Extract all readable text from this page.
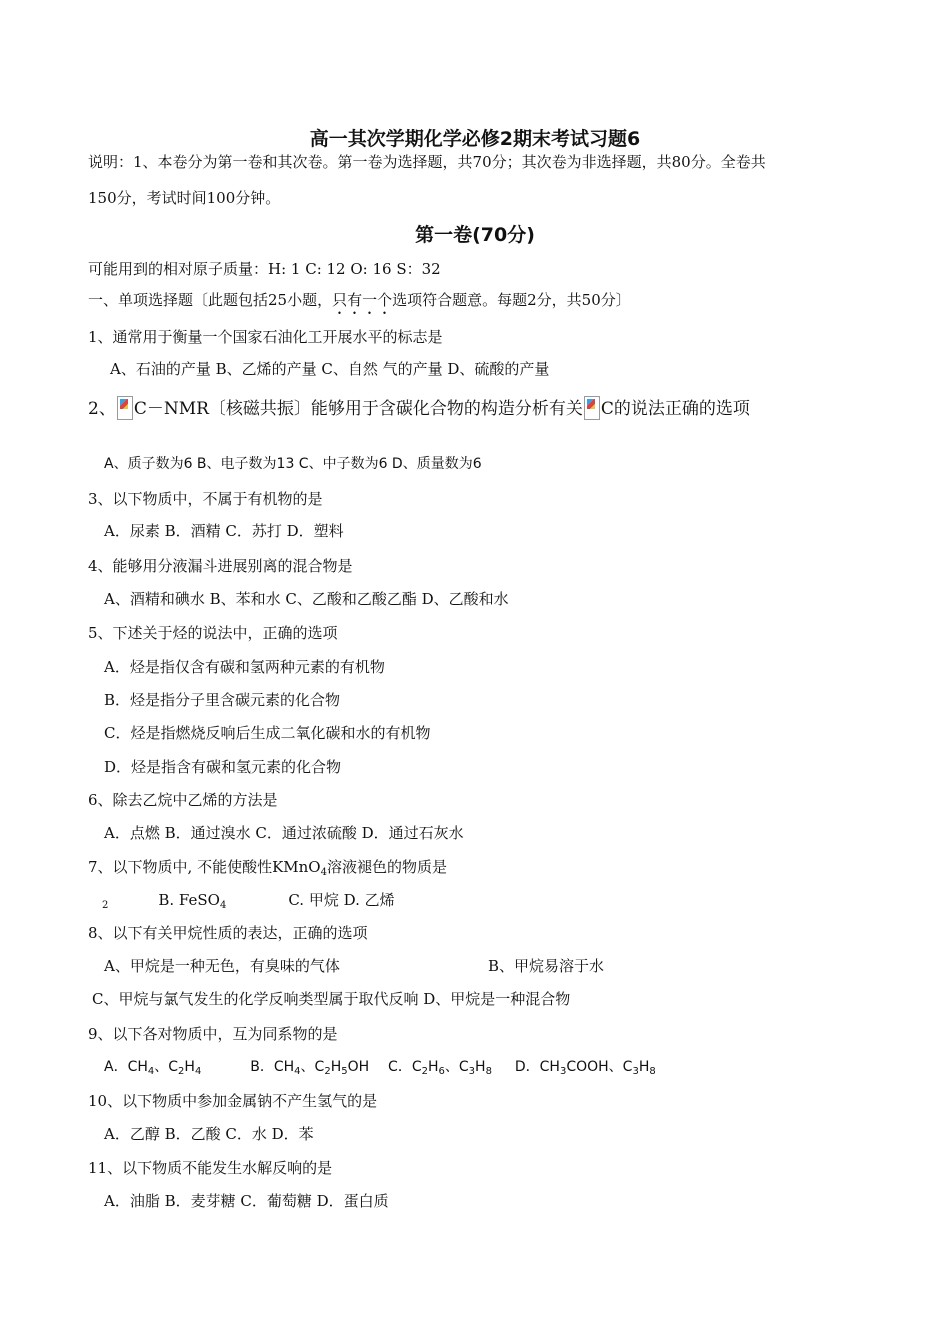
高一其次学期化学必修2期末考试习题6
说明：1、本卷分为第一卷和其次卷。第一卷为选择题，共70分；其次卷为非选择题，共80分。全卷共
150分，考试时间100分钟。
第一卷(70分)
可能用到的相对原子质量：H: 1 C: 12 O: 16 S：32
一、单项选择题〔此题包括25小题，只有一个选项符合题意。每题2分，共50分〕
1、通常用于衡量一个国家石油化工开展水平的标志是
A、石油的产量 B、乙烯的产量 C、自然 气的产量 D、硫酸的产量
2、 C－NMR〔核磁共振〕能够用于含碳化合物的构造分析有关 C的说法正确的选项
A、质子数为6 B、电子数为13 C、中子数为6 D、质量数为6
3、以下物质中，不属于有机物的是
A．尿素 B．酒精 C．苏打 D．塑料
4、能够用分液漏斗进展别离的混合物是
A、酒精和碘水 B、苯和水 C、乙酸和乙酸乙酯 D、乙酸和水
5、下述关于烃的说法中，正确的选项
A．烃是指仅含有碳和氢两种元素的有机物
B．烃是指分子里含碳元素的化合物
C．烃是指燃烧反响后生成二氧化碳和水的有机物
D．烃是指含有碳和氢元素的化合物
6、除去乙烷中乙烯的方法是
A．点燃 B．通过溴水 C．通过浓硫酸 D．通过石灰水
7、以下物质中, 不能使酸性KMnO$_4$溶液褪色的物质是
$_2$	B. FeSO$_4$	C. 甲烷 D. 乙烯
8、以下有关甲烷性质的表达，正确的选项
A、甲烷是一种无色，有臭味的气体	B、甲烷易溶于水
C、甲烷与氯气发生的化学反响类型属于取代反响 D、甲烷是一种混合物
9、以下各对物质中，互为同系物的是
A．$CH_4$、$C_2H_4$	B．$CH_4$、$C_2H_5OH$ C．$C_2H_6$、$C_3H_8$ D．$CH_3COOH$、$C_3H_8$
10、以下物质中参加金属钠不产生氢气的是
A．乙醇 B．乙酸 C．水 D．苯
11、以下物质不能发生水解反响的是
A．油脂 B．麦芽糖 C．葡萄糖 D．蛋白质
